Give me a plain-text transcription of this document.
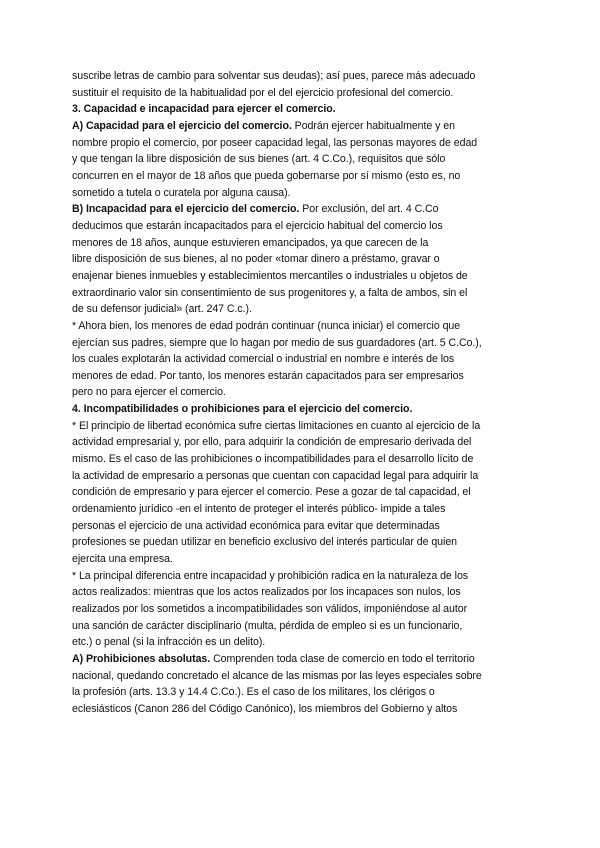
suscribe letras de cambio para solventar sus deudas); así pues, parece más adecuado
sustituir el requisito de la habitualidad por el del ejercicio profesional del comercio.
3. Capacidad e incapacidad para ejercer el comercio.
A) Capacidad para el ejercicio del comercio. Podrán ejercer habitualmente y en
nombre propio el comercio, por poseer capacidad legal, las personas mayores de edad
y que tengan la libre disposición de sus bienes (art. 4 C.Co.), requisitos que sólo
concurren en el mayor de 18 años que pueda gobernarse por sí mismo (esto es, no
sometido a tutela o curatela por alguna causa).
B) Incapacidad para el ejercicio del comercio. Por exclusión, del art. 4 C.Co
deducimos que estarán incapacitados para el ejercicio habitual del comercio los
menores de 18 años, aunque estuvieren emancipados, ya que carecen de la
libre disposición de sus bienes, al no poder «tomar dinero a préstamo, gravar o
enajenar bienes inmuebles y establecimientos mercantiles o industriales u objetos de
extraordinario valor sin consentimiento de sus progenitores y, a falta de ambos, sin el
de su defensor judicial» (art. 247 C.c.).
* Ahora bien, los menores de edad podrán continuar (nunca iniciar) el comercio que
ejercían sus padres, siempre que lo hagan por medio de sus guardadores (art. 5 C.Co.),
los cuales explotarán la actividad comercial o industrial en nombre e interés de los
menores de edad. Por tanto, los menores estarán capacitados para ser empresarios
pero no para ejercer el comercio.
4. Incompatibilidades o prohibiciones para el ejercicio del comercio.
* El principio de libertad económica sufre ciertas limitaciones en cuanto al ejercicio de la
actividad empresarial y, por ello, para adquirir la condición de empresario derivada del
mismo. Es el caso de las prohibiciones o incompatibilidades para el desarrollo lícito de
la actividad de empresario a personas que cuentan con capacidad legal para adquirir la
condición de empresario y para ejercer el comercio. Pese a gozar de tal capacidad, el
ordenamiento jurídico -en el intento de proteger el interés público- impide a tales
personas el ejercicio de una actividad económica para evitar que determinadas
profesiones se puedan utilizar en beneficio exclusivo del interés particular de quien
ejercita una empresa.
* La principal diferencia entre incapacidad y prohibición radica en la naturaleza de los
actos realizados: mientras que los actos realizados por los incapaces son nulos, los
realizados por los sometidos a incompatibilidades son válidos, imponiéndose al autor
una sanción de carácter disciplinario (multa, pérdida de empleo si es un funcionario,
etc.) o penal (si la infracción es un delito).
A) Prohibiciones absolutas. Comprenden toda clase de comercio en todo el territorio
nacional, quedando concretado el alcance de las mismas por las leyes especiales sobre
la profesión (arts. 13.3 y 14.4 C.Co.). Es el caso de los militares, los clérigos o
eclesiásticos (Canon 286 del Código Canónico), los miembros del Gobierno y altos
